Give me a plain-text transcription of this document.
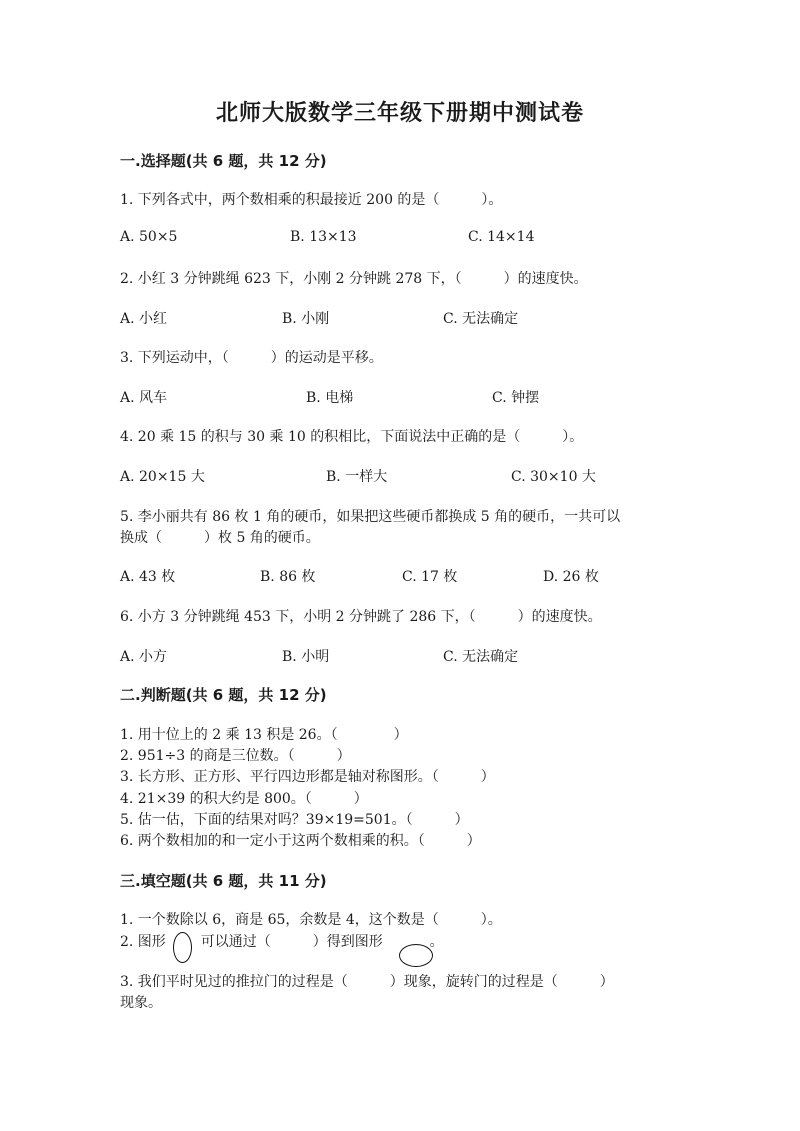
北师大版数学三年级下册期中测试卷
一.选择题(共 6 题，共 12 分)
1. 下列各式中，两个数相乘的积最接近 200 的是（　　　）。
A. 50×5	B. 13×13	C. 14×14
2. 小红 3 分钟跳绳 623 下，小刚 2 分钟跳 278 下，（　　　）的速度快。
A. 小红	B. 小刚	C. 无法确定
3. 下列运动中，（　　　）的运动是平移。
A. 风车	B. 电梯	C. 钟摆
4. 20 乘 15 的积与 30 乘 10 的积相比，下面说法中正确的是（　　　）。
A. 20×15 大	B. 一样大	C. 30×10 大
5. 李小丽共有 86 枚 1 角的硬币，如果把这些硬币都换成 5 角的硬币，一共可以
换成（　　　）枚 5 角的硬币。
A. 43 枚	B. 86 枚	C. 17 枚	D. 26 枚
6. 小方 3 分钟跳绳 453 下，小明 2 分钟跳了 286 下，（　　　）的速度快。
A. 小方	B. 小明	C. 无法确定
二.判断题(共 6 题，共 12 分)
1. 用十位上的 2 乘 13 积是 26。（　　　　）
2. 951÷3 的商是三位数。（　　　）
3. 长方形、正方形、平行四边形都是轴对称图形。（　　　）
4. 21×39 的积大约是 800。（　　　）
5. 估一估，下面的结果对吗？39×19=501。（　　　）
6. 两个数相加的和一定小于这两个数相乘的积。（　　　）
三.填空题(共 6 题，共 11 分)
1. 一个数除以 6，商是 65，余数是 4，这个数是（　　　）。
2. 图形 可以通过（　　　）得到图形	。
3. 我们平时见过的推拉门的过程是（　　　）现象，旋转门的过程是（　　　）
现象。
